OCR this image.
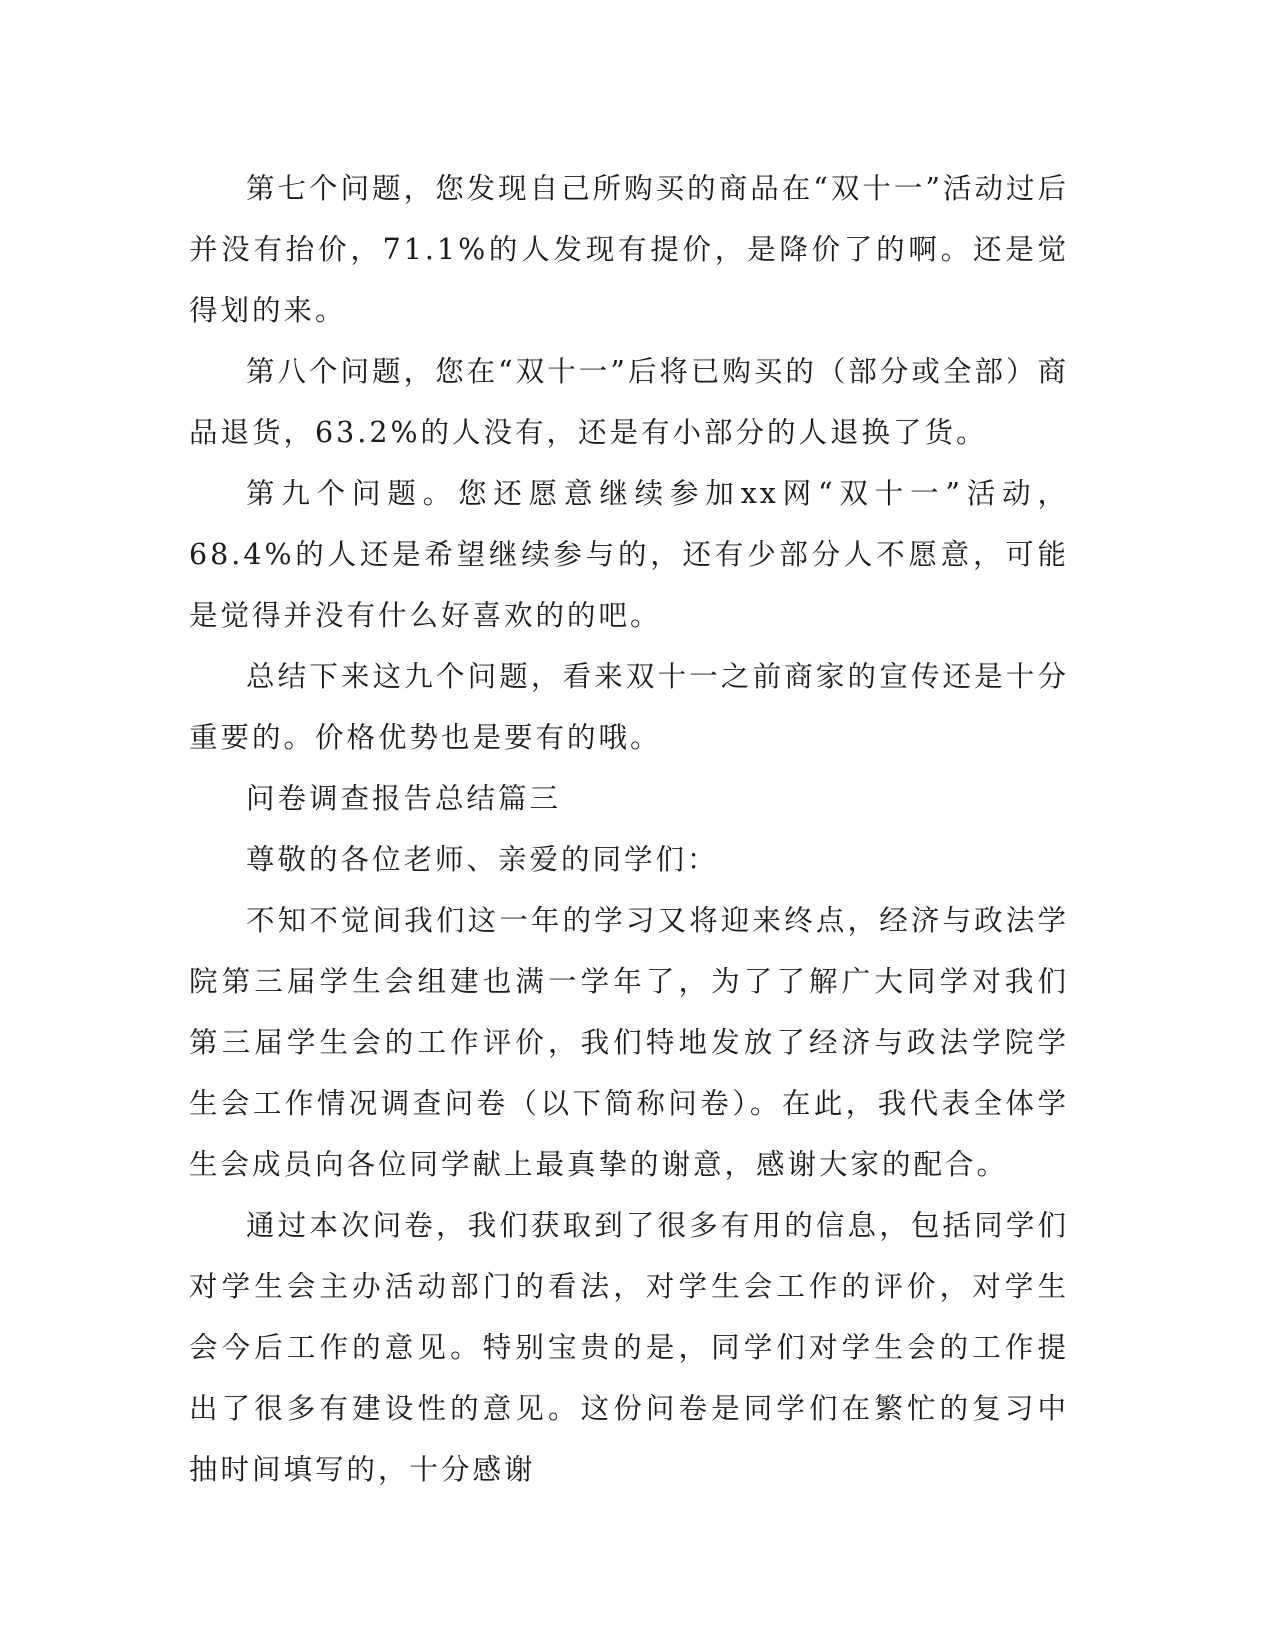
第七个问题，您发现自己所购买的商品在“双十一”活动过后并没有抬价，71.1%的人发现有提价，是降价了的啊。还是觉得划的来。

第八个问题，您在“双十一”后将已购买的（部分或全部）商品退货，63.2%的人没有，还是有小部分的人退换了货。

第九个问题。您还愿意继续参加xx网“双十一”活动，68.4%的人还是希望继续参与的，还有少部分人不愿意，可能是觉得并没有什么好喜欢的的吧。

总结下来这九个问题，看来双十一之前商家的宣传还是十分重要的。价格优势也是要有的哦。

问卷调查报告总结篇三

尊敬的各位老师、亲爱的同学们：

不知不觉间我们这一年的学习又将迎来终点，经济与政法学院第三届学生会组建也满一学年了，为了了解广大同学对我们第三届学生会的工作评价，我们特地发放了经济与政法学院学生会工作情况调查问卷（以下简称问卷）。在此，我代表全体学生会成员向各位同学献上最真挚的谢意，感谢大家的配合。

通过本次问卷，我们获取到了很多有用的信息，包括同学们对学生会主办活动部门的看法，对学生会工作的评价，对学生会今后工作的意见。特别宝贵的是，同学们对学生会的工作提出了很多有建设性的意见。这份问卷是同学们在繁忙的复习中抽时间填写的，十分感谢
